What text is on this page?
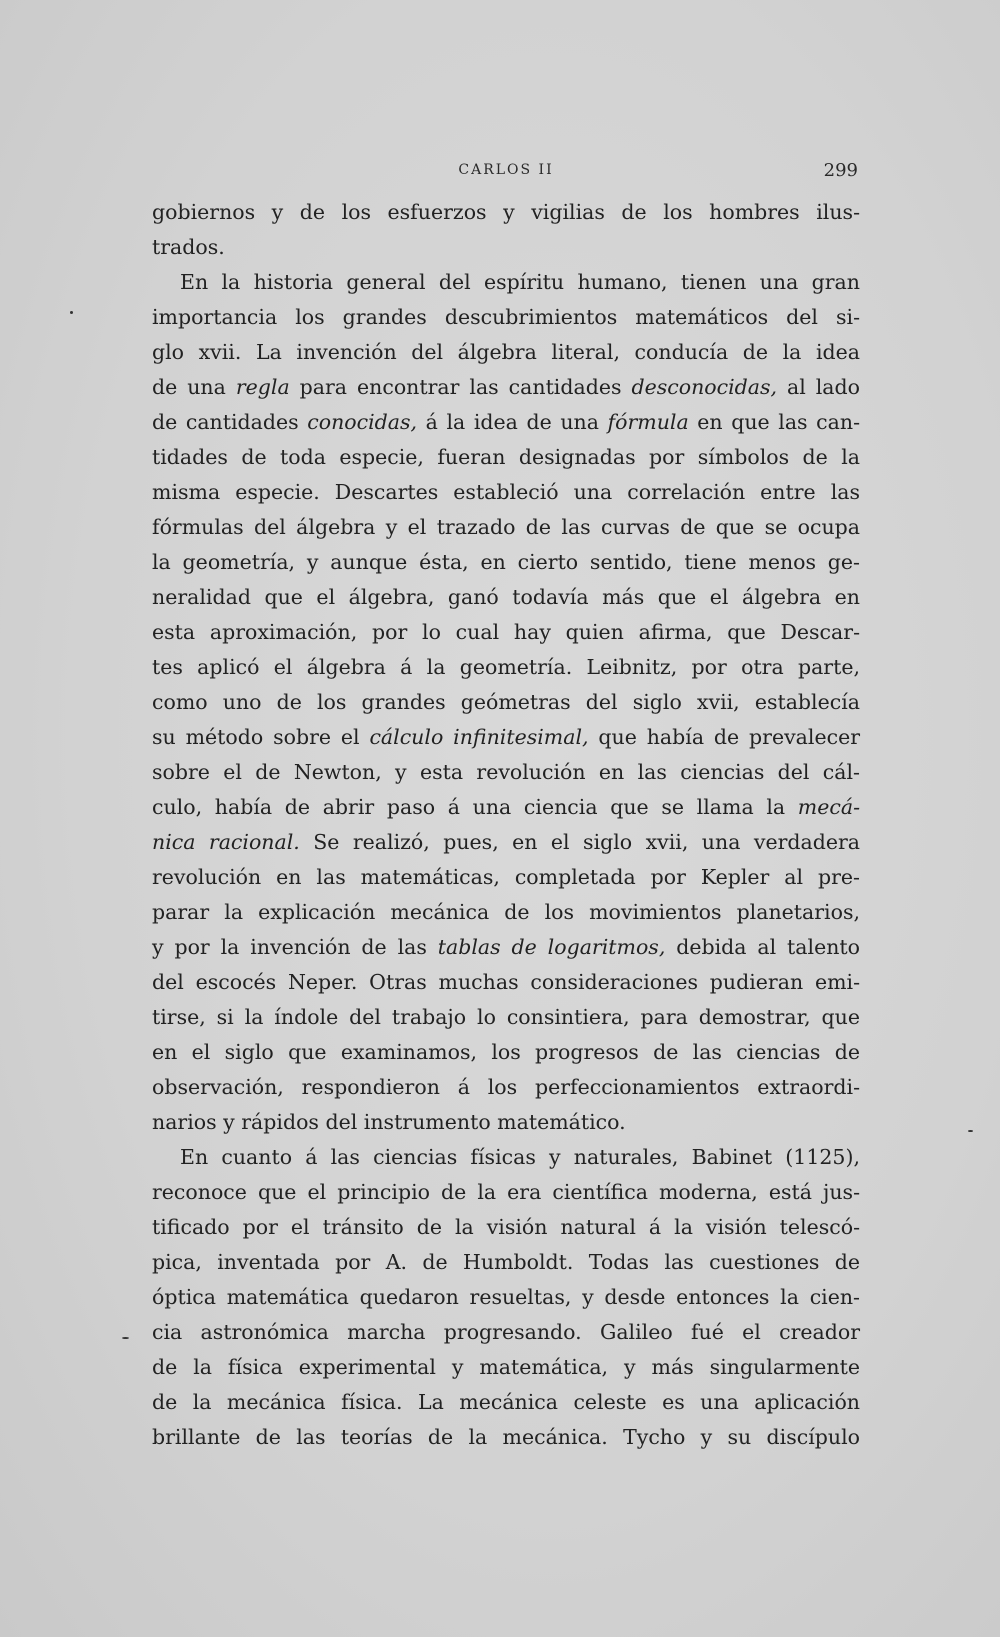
CARLOS II	299
gobiernos y de los esfuerzos y vigilias de los hombres ilus-
trados.
En la historia general del espíritu humano, tienen una gran
importancia los grandes descubrimientos matemáticos del si-
glo xvii. La invención del álgebra literal, conducía de la idea
de una regla para encontrar las cantidades desconocidas, al lado
de cantidades conocidas, á la idea de una fórmula en que las can-
tidades de toda especie, fueran designadas por símbolos de la
misma especie. Descartes estableció una correlación entre las
fórmulas del álgebra y el trazado de las curvas de que se ocupa
la geometría, y aunque ésta, en cierto sentido, tiene menos ge-
neralidad que el álgebra, ganó todavía más que el álgebra en
esta aproximación, por lo cual hay quien afirma, que Descar-
tes aplicó el álgebra á la geometría. Leibnitz, por otra parte,
como uno de los grandes geómetras del siglo xvii, establecía
su método sobre el cálculo infinitesimal, que había de prevalecer
sobre el de Newton, y esta revolución en las ciencias del cál-
culo, había de abrir paso á una ciencia que se llama la mecá-
nica racional. Se realizó, pues, en el siglo xvii, una verdadera
revolución en las matemáticas, completada por Kepler al pre-
parar la explicación mecánica de los movimientos planetarios,
y por la invención de las tablas de logaritmos, debida al talento
del escocés Neper. Otras muchas consideraciones pudieran emi-
tirse, si la índole del trabajo lo consintiera, para demostrar, que
en el siglo que examinamos, los progresos de las ciencias de
observación, respondieron á los perfeccionamientos extraordi-
narios y rápidos del instrumento matemático.
En cuanto á las ciencias físicas y naturales, Babinet (1125),
reconoce que el principio de la era científica moderna, está jus-
tificado por el tránsito de la visión natural á la visión telescó-
pica, inventada por A. de Humboldt. Todas las cuestiones de
óptica matemática quedaron resueltas, y desde entonces la cien-
cia astronómica marcha progresando. Galileo fué el creador
de la física experimental y matemática, y más singularmente
de la mecánica física. La mecánica celeste es una aplicación
brillante de las teorías de la mecánica. Tycho y su discípulo
